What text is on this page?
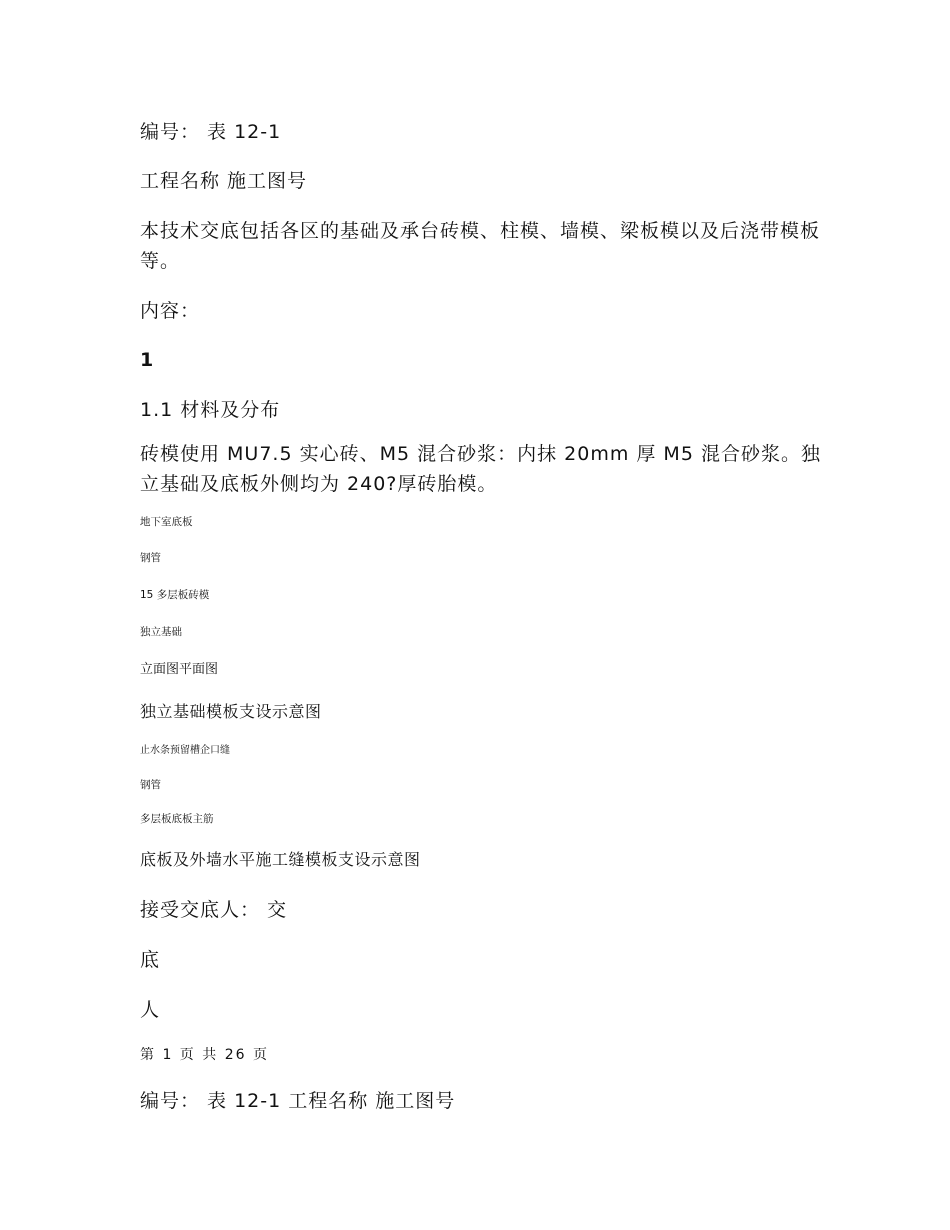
编号： 表 12-1

工程名称 施工图号

本技术交底包括各区的基础及承台砖模、柱模、墙模、梁板模以及后浇带模板等。

内容：

1

1.1 材料及分布

砖模使用 MU7.5 实心砖、M5 混合砂浆：内抹 20mm 厚 M5 混合砂浆。独立基础及底板外侧均为 240?厚砖胎模。

地下室底板

钢管

15 多层板砖模

独立基础

立面图平面图

独立基础模板支设示意图

止水条预留槽企口缝

钢管

多层板底板主筋

底板及外墙水平施工缝模板支设示意图

接受交底人： 交

底

人

第 1 页 共 26 页

编号： 表 12-1 工程名称 施工图号
